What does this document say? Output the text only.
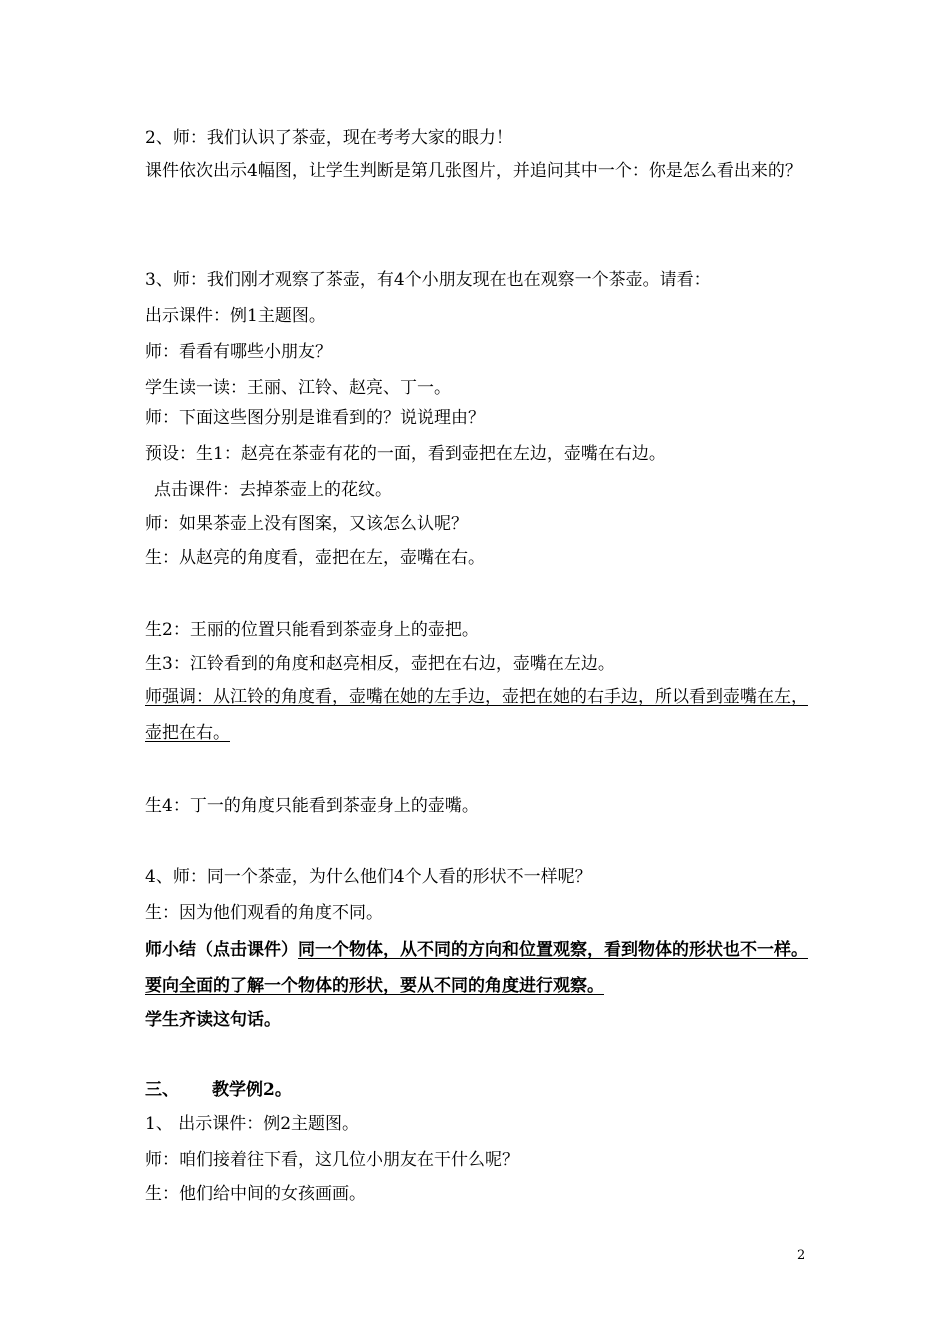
2、师：我们认识了茶壶，现在考考大家的眼力！
课件依次出示4幅图，让学生判断是第几张图片，并追问其中一个：你是怎么看出来的？
3、师：我们刚才观察了茶壶，有4个小朋友现在也在观察一个茶壶。请看：
出示课件：例1主题图。
师：看看有哪些小朋友？
学生读一读：王丽、江铃、赵亮、丁一。
师：下面这些图分别是谁看到的？说说理由？
预设：生1：赵亮在茶壶有花的一面，看到壶把在左边，壶嘴在右边。
点击课件：去掉茶壶上的花纹。
师：如果茶壶上没有图案，又该怎么认呢？
生：从赵亮的角度看，壶把在左，壶嘴在右。
生2：王丽的位置只能看到茶壶身上的壶把。
生3：江铃看到的角度和赵亮相反，壶把在右边，壶嘴在左边。
师强调：从江铃的角度看，壶嘴在她的左手边，壶把在她的右手边，所以看到壶嘴在左，壶把在右。
生4：丁一的角度只能看到茶壶身上的壶嘴。
4、师：同一个茶壶，为什么他们4个人看的形状不一样呢？
生：因为他们观看的角度不同。
师小结（点击课件）同一个物体，从不同的方向和位置观察，看到物体的形状也不一样。要向全面的了解一个物体的形状，要从不同的角度进行观察。
学生齐读这句话。
三、 教学例2。
1、 出示课件：例2主题图。
师：咱们接着往下看，这几位小朋友在干什么呢？
生：他们给中间的女孩画画。
2
